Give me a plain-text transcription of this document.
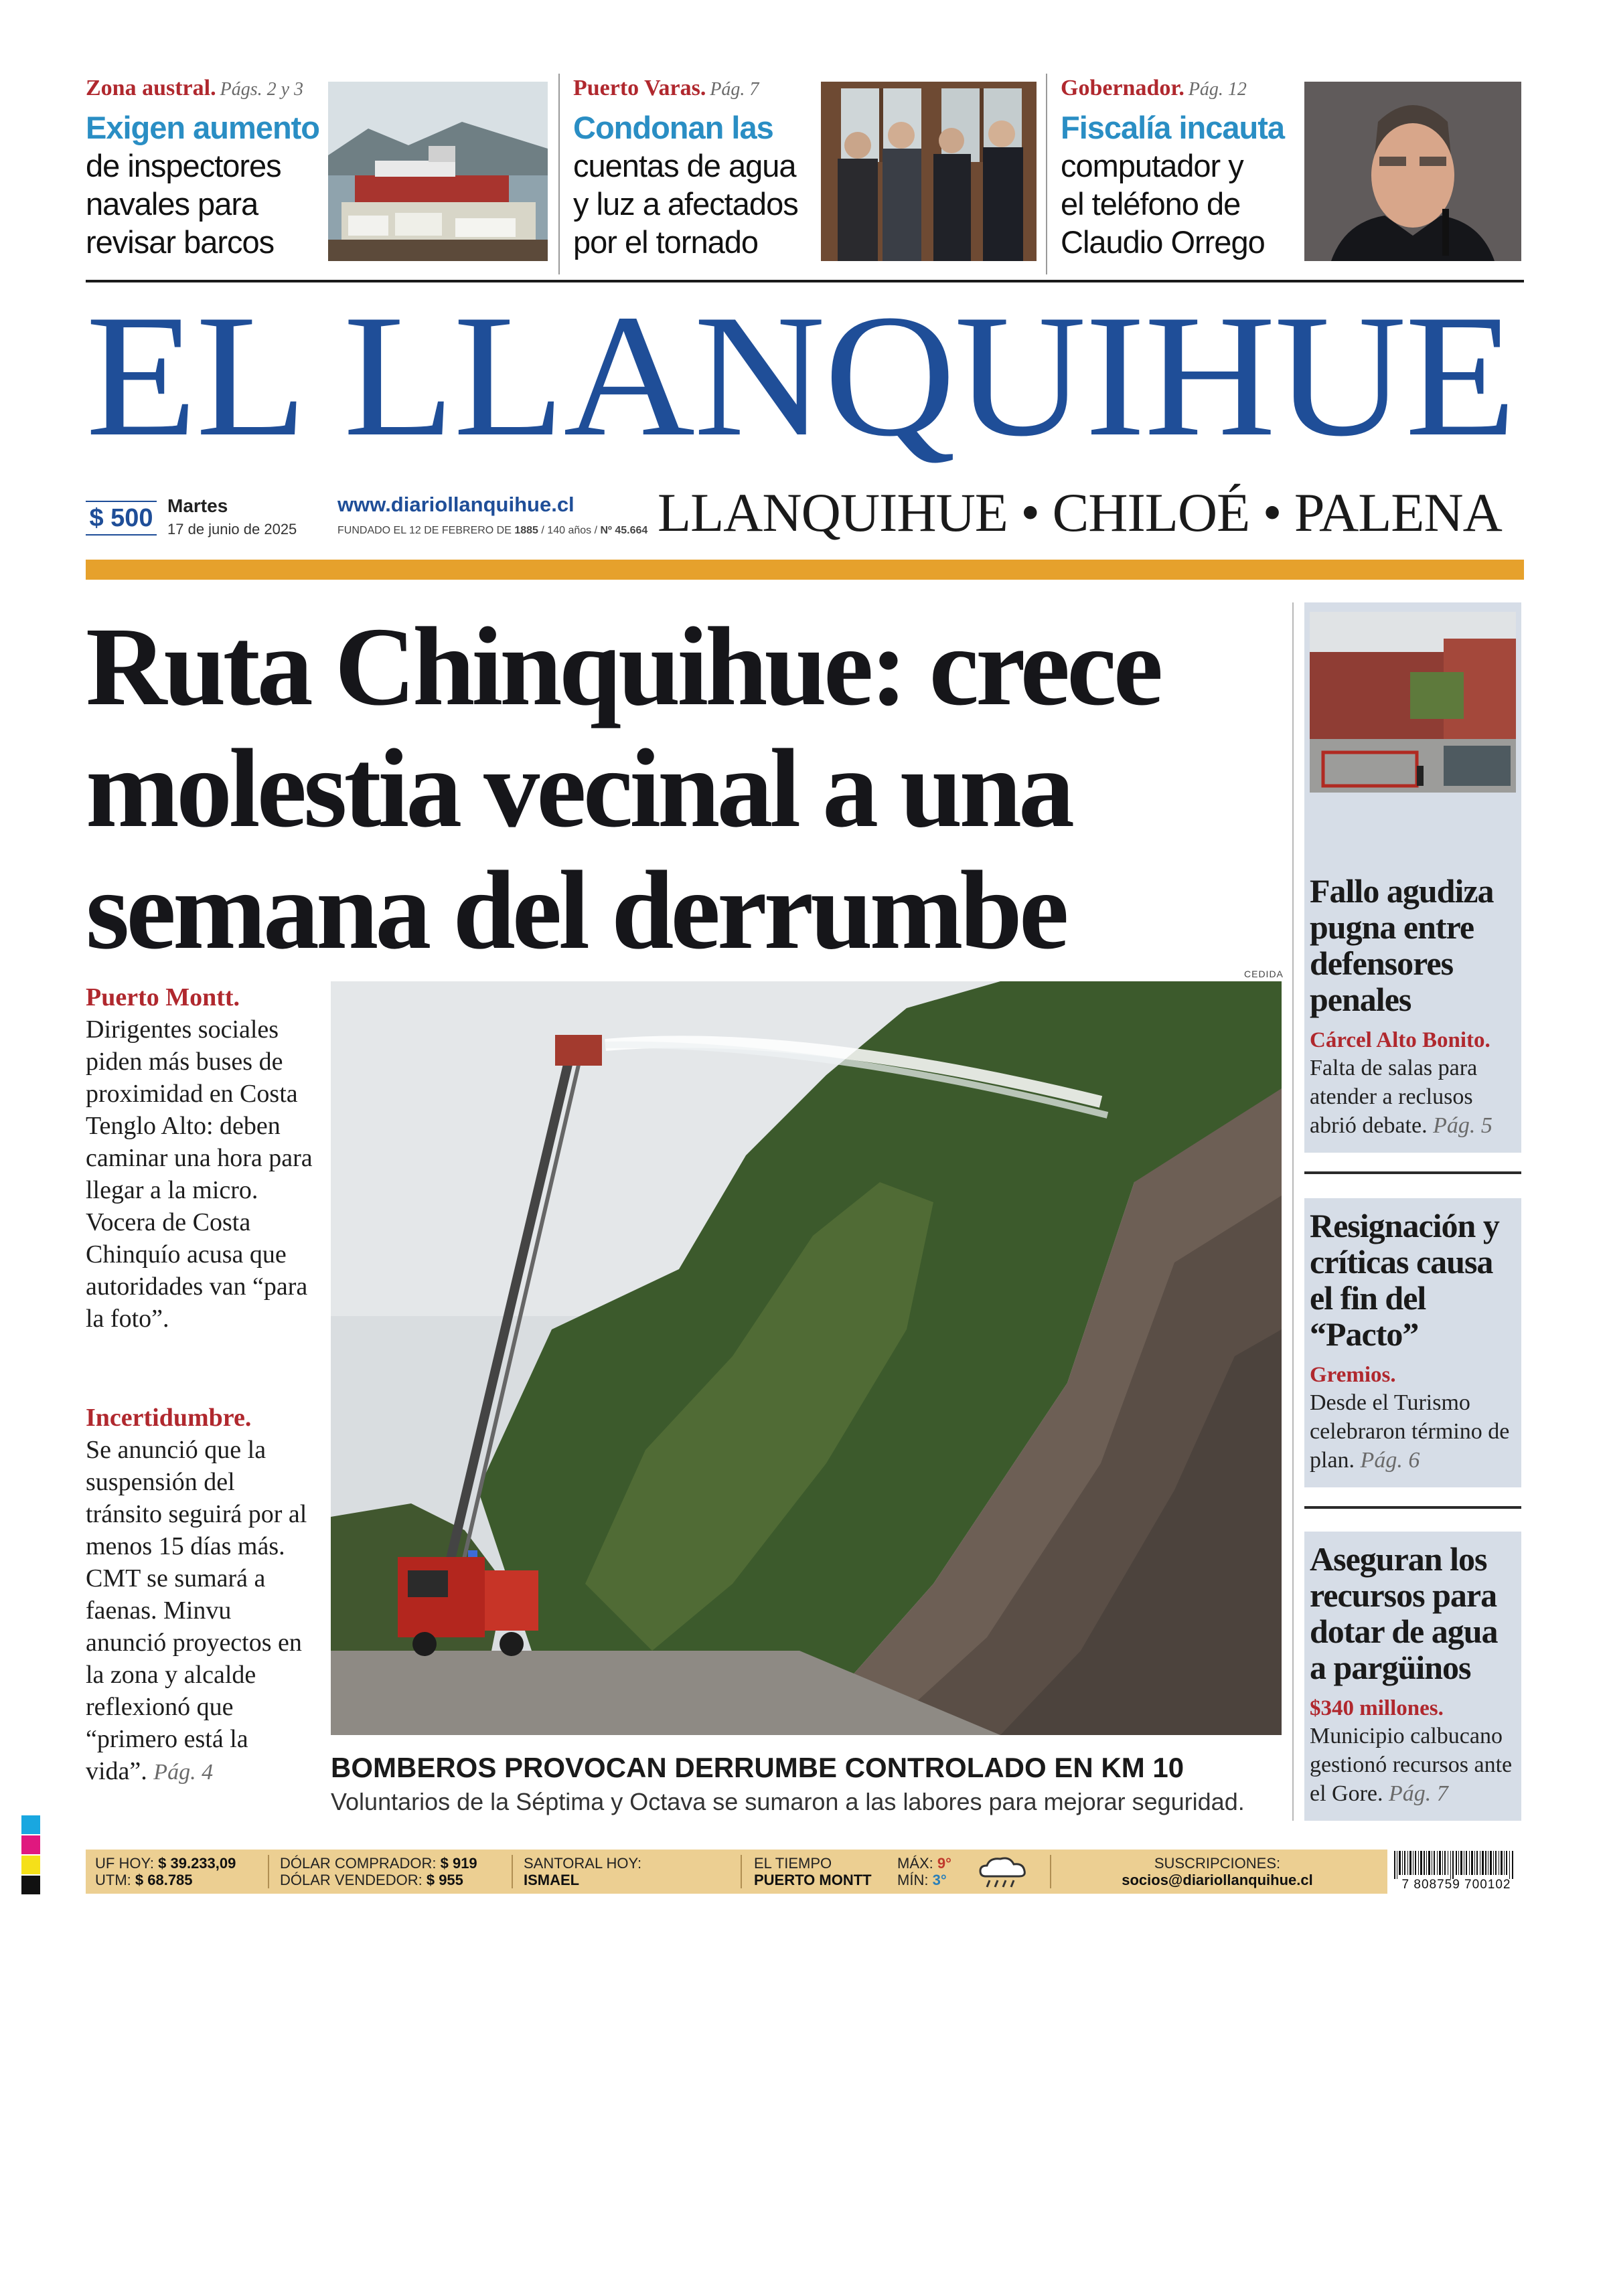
Zona austral. Págs. 2 y 3

Exigen aumento
de inspectores
navales para
revisar barcos

Puerto Varas. Pág. 7

Condonan las
cuentas de agua
y luz a afectados
por el tornado

Gobernador. Pág. 12

Fiscalía incauta
computador y
el teléfono de
Claudio Orrego

EL LLANQUIHUE
$ 500 Martes
17 de junio de 2025
www.diariollanquihue.cl
FUNDADO EL 12 DE FEBRERO DE 1885 / 140 años / Nº 45.664 LLANQUIHUE • CHILOÉ • PALENA
Ruta Chinquihue: crece molestia vecinal a una semana del derrumbe
Puerto Montt.
Dirigentes sociales piden más buses de proximidad en Costa Tenglo Alto: deben caminar una hora para llegar a la micro. Vocera de Costa Chinquío acusa que autoridades van “para la foto”.
Incertidumbre.
Se anunció que la suspensión del tránsito seguirá por al menos 15 días más. CMT se sumará a faenas. Minvu anunció proyectos en la zona y alcalde reflexionó que “primero está la vida”. Pág. 4
CEDIDA
BOMBEROS PROVOCAN DERRUMBE CONTROLADO EN KM 10
Voluntarios de la Séptima y Octava se sumaron a las labores para mejorar seguridad.

Fallo agudiza pugna entre defensores penales

Cárcel Alto Bonito.

Falta de salas para atender a reclusos abrió debate. Pág. 5

Resignación y críticas causa el fin del “Pacto”

Gremios.

Desde el Turismo celebraron término de plan. Pág. 6

Aseguran los recursos para dotar de agua a pargüinos

$340 millones.

Municipio calbucano gestionó recursos ante el Gore. Pág. 7

UF HOY: $ 39.233,09
UTM: $ 68.785
DÓLAR COMPRADOR: $ 919
DÓLAR VENDEDOR: $ 955
SANTORAL HOY:
ISMAEL
EL TIEMPO
PUERTO MONTT
MÁX: 9°
MÍN: 3°
SUSCRIPCIONES:
socios@diariollanquihue.cl	7 808759 700102
